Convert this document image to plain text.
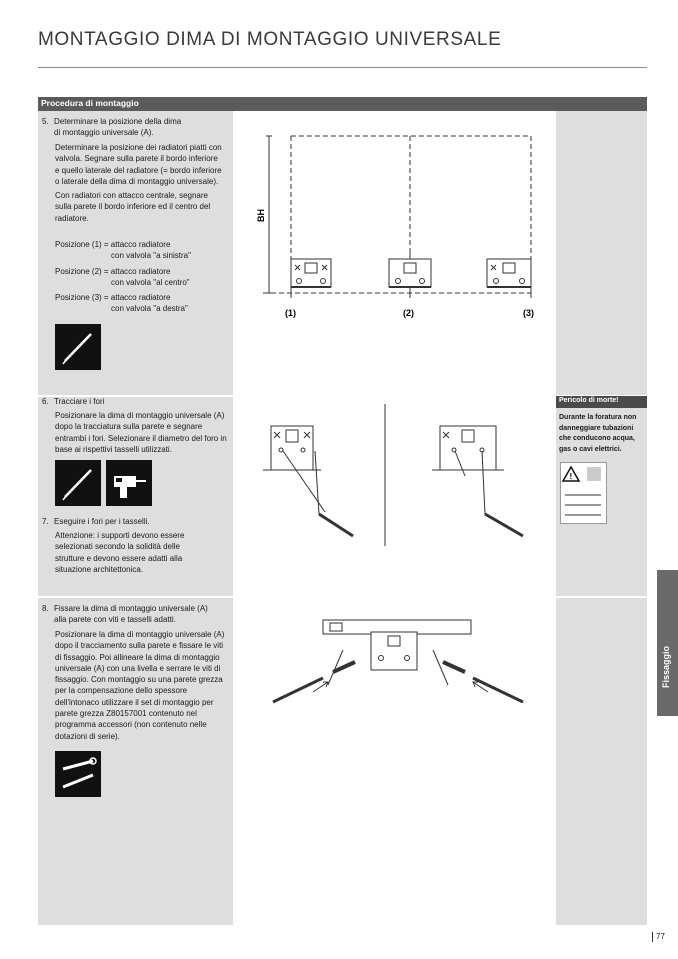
MONTAGGIO DIMA DI MONTAGGIO UNIVERSALE
Procedura di montaggio
5. Determinare la posizione della dima
di montaggio universale (A).

Determinare la posizione dei radiatori piatti con valvola. Segnare sulla parete il bordo inferiore e quello laterale del radiatore (= bordo inferiore o laterale della dima di montaggio universale).

Con radiatori con attacco centrale, segnare sulla parete il bordo inferiore ed il centro del radiatore.

Posizione (1) = attacco radiatore
con valvola "a sinistra"
Posizione (2) = attacco radiatore
con valvola "al centro"
Posizione (3) = attacco radiatore
con valvola "a destra"
BH
(1)	(2)	(3)
6. Tracciare i fori

Posizionare la dima di montaggio universale (A) dopo la tracciatura sulla parete e segnare entrambi i fori. Selezionare il diametro del foro in base ai rispettivi tasselli utilizzati.

Pericolo di morte!
Durante la foratura non danneggiare tubazioni che conducono acqua, gas o cavi elettrici.
!
7. Eseguire i fori per i tasselli.

Attenzione: i supporti devono essere selezionati secondo la solidità delle strutture e devono essere adatti alla situazione architettonica.

8. Fissare la dima di montaggio universale (A)
alla parete con viti e tasselli adatti.

Posizionare la dima di montaggio universale (A) dopo il tracciamento sulla parete e fissare le viti di fissaggio. Poi allineare la dima di montaggio universale (A) con una livella e serrare le viti di fissaggio. Con montaggio su una parete grezza per la compensazione dello spessore dell'intonaco utilizzare il set di montaggio per parete grezza Z80157001 contenuto nel programma accessori (non contenuto nelle dotazioni di serie).

Fissaggio
77
